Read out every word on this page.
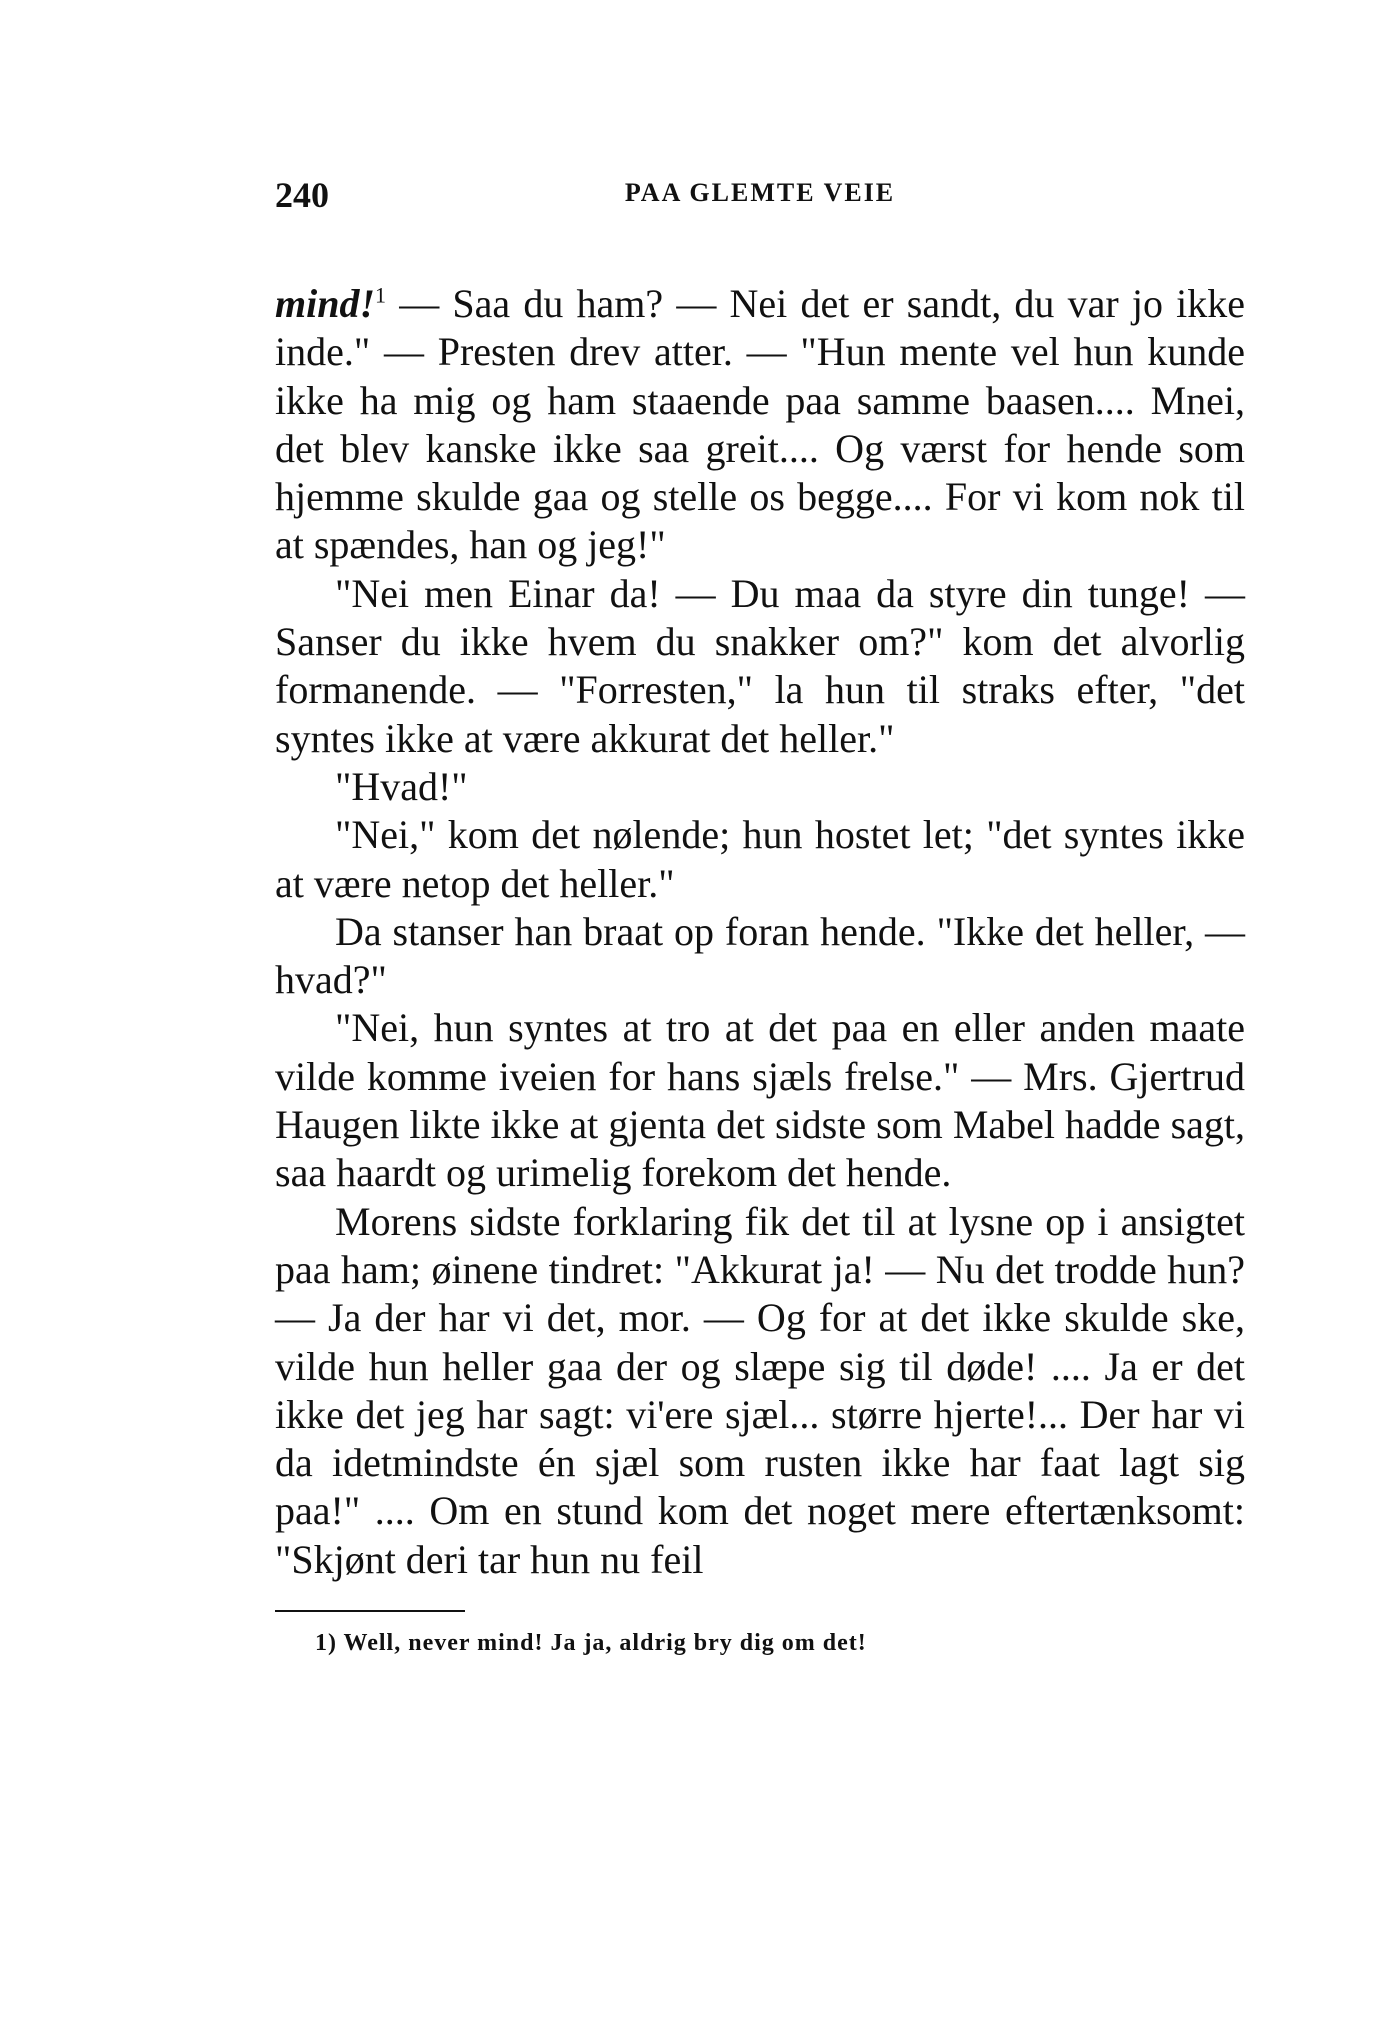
240	PAA GLEMTE VEIE

mind!$^1$ — Saa du ham? — Nei det er sandt, du var jo ikke inde." — Presten drev atter. — "Hun mente vel hun kunde ikke ha mig og ham staaende paa samme baasen.... Mnei, det blev kanske ikke saa greit.... Og værst for hende som hjemme skulde gaa og stelle os begge.... For vi kom nok til at spændes, han og jeg!"

"Nei men Einar da! — Du maa da styre din tunge! — Sanser du ikke hvem du snakker om?" kom det alvorlig formanende. — "Forresten," la hun til straks efter, "det syntes ikke at være akkurat det heller."

"Hvad!"

"Nei," kom det nølende; hun hostet let; "det syntes ikke at være netop det heller."

Da stanser han braat op foran hende. "Ikke det heller, — hvad?"

"Nei, hun syntes at tro at det paa en eller anden maate vilde komme iveien for hans sjæls frelse." — Mrs. Gjertrud Haugen likte ikke at gjenta det sidste som Mabel hadde sagt, saa haardt og urimelig forekom det hende.

Morens sidste forklaring fik det til at lysne op i ansigtet paa ham; øinene tindret: "Akkurat ja! — Nu det trodde hun? — Ja der har vi det, mor. — Og for at det ikke skulde ske, vilde hun heller gaa der og slæpe sig til døde! .... Ja er det ikke det jeg har sagt: vi'ere sjæl... større hjerte!... Der har vi da idetmindste én sjæl som rusten ikke har faat lagt sig paa!" .... Om en stund kom det noget mere eftertænksomt: "Skjønt deri tar hun nu feil

1) Well, never mind! Ja ja, aldrig bry dig om det!
